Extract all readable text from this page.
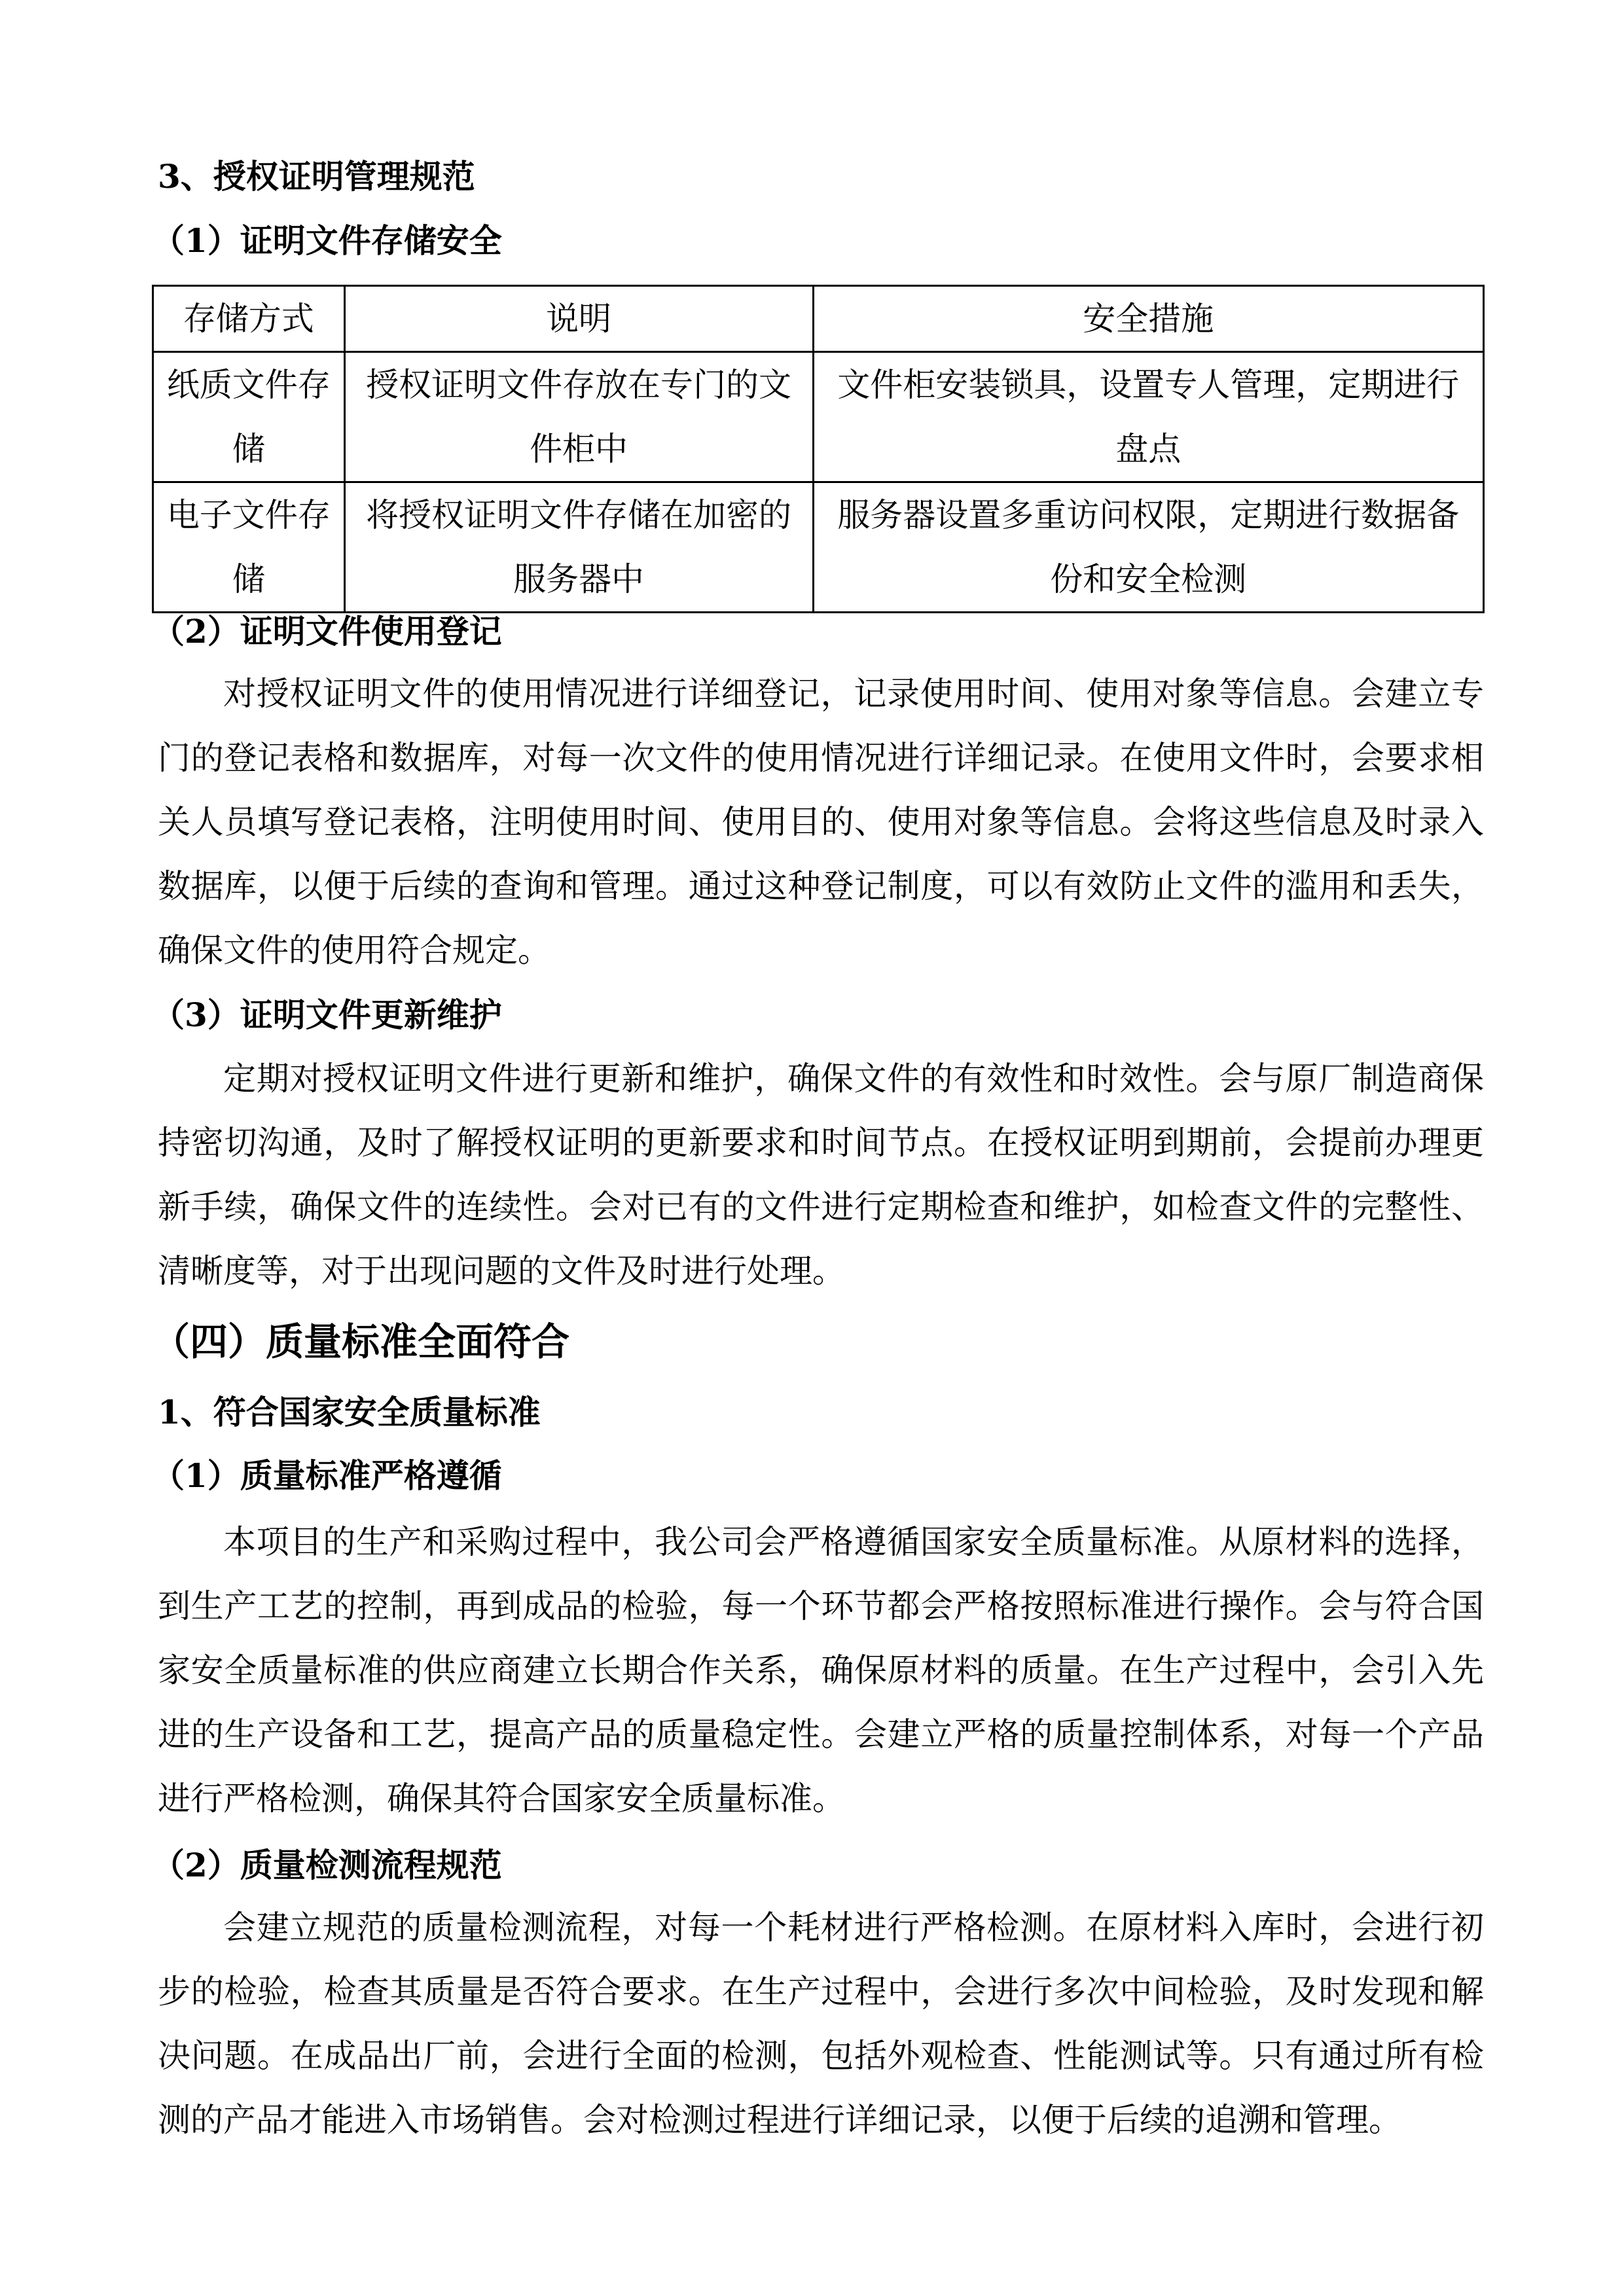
3、授权证明管理规范
（1）证明文件存储安全
存储方式	说明	安全措施
纸质文件存储	授权证明文件存放在专门的文件柜中	文件柜安装锁具，设置专人管理，定期进行盘点
电子文件存储	将授权证明文件存储在加密的服务器中	服务器设置多重访问权限，定期进行数据备份和安全检测
（2）证明文件使用登记
对授权证明文件的使用情况进行详细登记，记录使用时间、使用对象等信息。会建立专门的登记表格和数据库，对每一次文件的使用情况进行详细记录。在使用文件时，会要求相关人员填写登记表格，注明使用时间、使用目的、使用对象等信息。会将这些信息及时录入数据库，以便于后续的查询和管理。通过这种登记制度，可以有效防止文件的滥用和丢失，确保文件的使用符合规定。
（3）证明文件更新维护
定期对授权证明文件进行更新和维护，确保文件的有效性和时效性。会与原厂制造商保持密切沟通，及时了解授权证明的更新要求和时间节点。在授权证明到期前，会提前办理更新手续，确保文件的连续性。会对已有的文件进行定期检查和维护，如检查文件的完整性、清晰度等，对于出现问题的文件及时进行处理。
（四）质量标准全面符合
1、符合国家安全质量标准
（1）质量标准严格遵循
本项目的生产和采购过程中，我公司会严格遵循国家安全质量标准。从原材料的选择，到生产工艺的控制，再到成品的检验，每一个环节都会严格按照标准进行操作。会与符合国家安全质量标准的供应商建立长期合作关系，确保原材料的质量。在生产过程中，会引入先进的生产设备和工艺，提高产品的质量稳定性。会建立严格的质量控制体系，对每一个产品进行严格检测，确保其符合国家安全质量标准。
（2）质量检测流程规范
会建立规范的质量检测流程，对每一个耗材进行严格检测。在原材料入库时，会进行初步的检验，检查其质量是否符合要求。在生产过程中，会进行多次中间检验，及时发现和解决问题。在成品出厂前，会进行全面的检测，包括外观检查、性能测试等。只有通过所有检测的产品才能进入市场销售。会对检测过程进行详细记录，以便于后续的追溯和管理。
